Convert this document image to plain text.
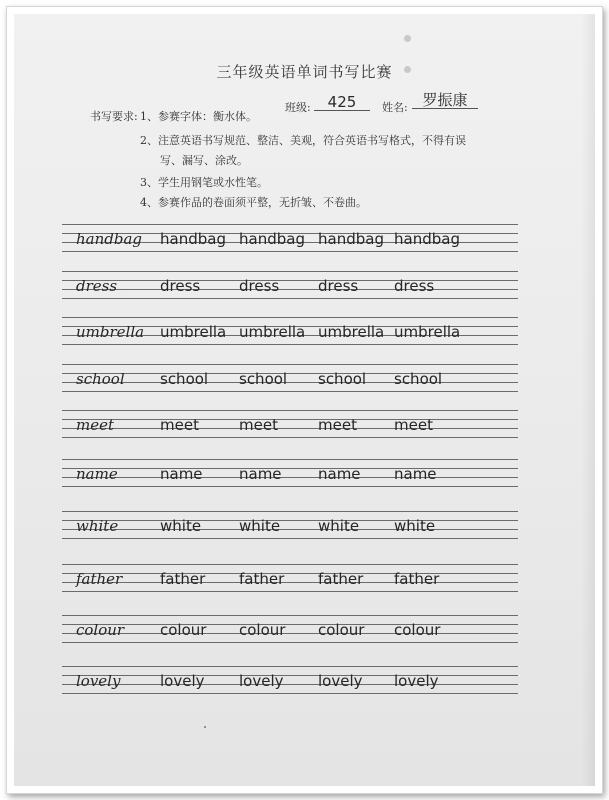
三年级英语单词书写比赛
班级:	425	姓名: 罗振康
书写要求: 1、参赛字体：衡水体。
2、注意英语书写规范、整洁、美观，符合英语书写格式，不得有误
写、漏写、涂改。
3、学生用钢笔或水性笔。
4、参赛作品的卷面须平整，无折皱、不卷曲。
handbag handbag handbag handbag handbag
dress	dress	dress	dress dress
umbrella umbrella umbrella umbrella umbrella
school school school school school
meet	meet	meet	meet meet
name	name name name name
white	white	white	white white
father	father father father father
colour colour colour colour colour
lovely	lovely lovely lovely lovely
